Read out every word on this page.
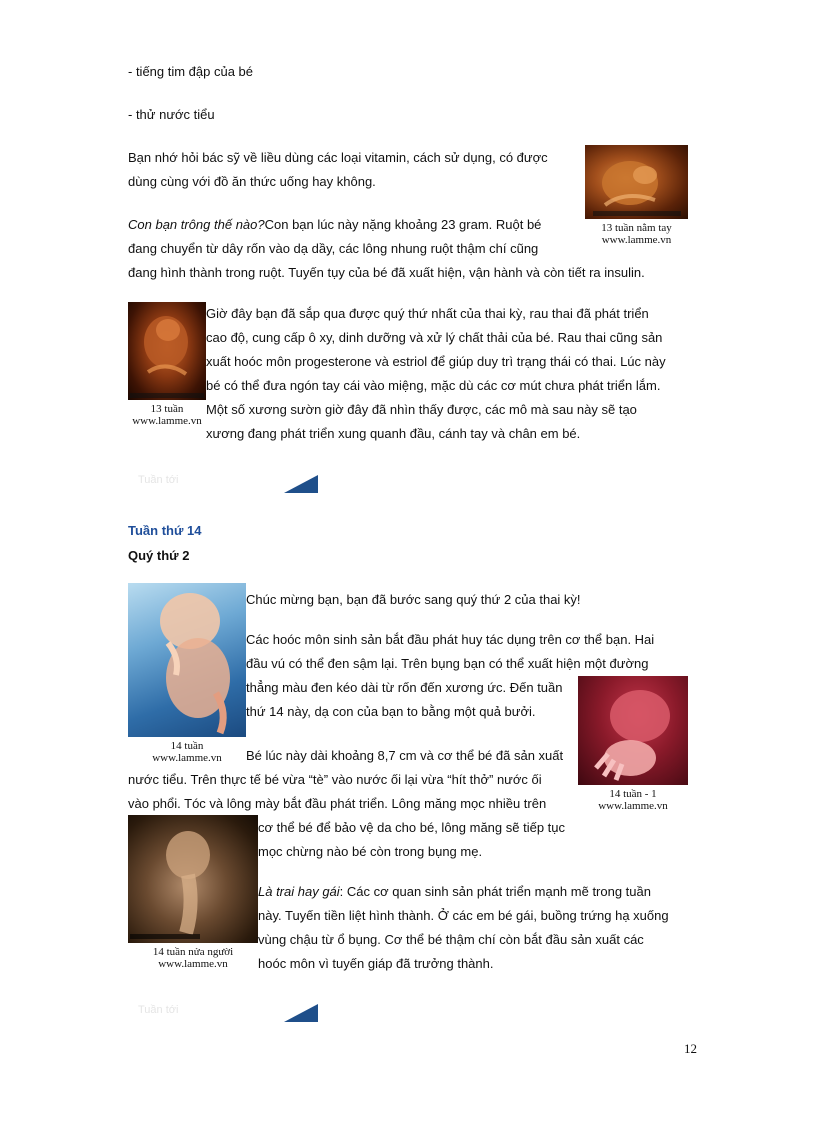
- tiếng tim đập của bé
- thử nước tiểu
Bạn nhớ hỏi bác sỹ về liều dùng các loại vitamin, cách sử dụng, có được
dùng cùng với đồ ăn thức uống hay không.
13 tuần nằm tay
www.lamme.vn
Con bạn trông thế nào?Con bạn lúc này nặng khoảng 23 gram. Ruột bé
đang chuyển từ dây rốn vào dạ dầy, các lông nhung ruột thậm chí cũng
đang hình thành trong ruột. Tuyến tụy của bé đã xuất hiện, vận hành và còn tiết ra insulin.
13 tuần
www.lamme.vn
Giờ đây bạn đã sắp qua được quý thứ nhất của thai kỳ, rau thai đã phát triển
cao độ, cung cấp ô xy, dinh dưỡng và xử lý chất thải của bé. Rau thai cũng sản
xuất hoóc môn progesterone và estriol để giúp duy trì trạng thái có thai. Lúc này
bé có thể đưa ngón tay cái vào miệng, mặc dù các cơ mút chưa phát triển lắm.
Một số xương sườn giờ đây đã nhìn thấy được, các mô mà sau này sẽ tạo
xương đang phát triển xung quanh đầu, cánh tay và chân em bé.
Tuần tới
Tuần thứ 14
Quý thứ 2
14 tuần
www.lamme.vn
Chúc mừng bạn, bạn đã bước sang quý thứ 2 của thai kỳ!
Các hoóc môn sinh sản bắt đầu phát huy tác dụng trên cơ thể bạn. Hai
đầu vú có thể đen sậm lại. Trên bụng bạn có thể xuất hiện một đường
thẳng màu đen kéo dài từ rốn đến xương ức. Đến tuần
thứ 14 này, dạ con của bạn to bằng một quả bưởi.
14 tuần - 1
www.lamme.vn
Bé lúc này dài khoảng 8,7 cm và cơ thể bé đã sản xuất
nước tiểu. Trên thực tế bé vừa “tè” vào nước ối lại vừa “hít thở” nước ối
vào phổi. Tóc và lông mày bắt đầu phát triển. Lông măng mọc nhiều trên
cơ thể bé để bảo vệ da cho bé, lông măng sẽ tiếp tục
mọc chừng nào bé còn trong bụng mẹ.
14 tuần nửa người
www.lamme.vn
Là trai hay gái: Các cơ quan sinh sản phát triển mạnh mẽ trong tuần
này. Tuyến tiền liệt hình thành. Ở các em bé gái, buồng trứng hạ xuống
vùng chậu từ ổ bụng. Cơ thể bé thậm chí còn bắt đầu sản xuất các
hoóc môn vì tuyến giáp đã trưởng thành.
Tuần tới
12
